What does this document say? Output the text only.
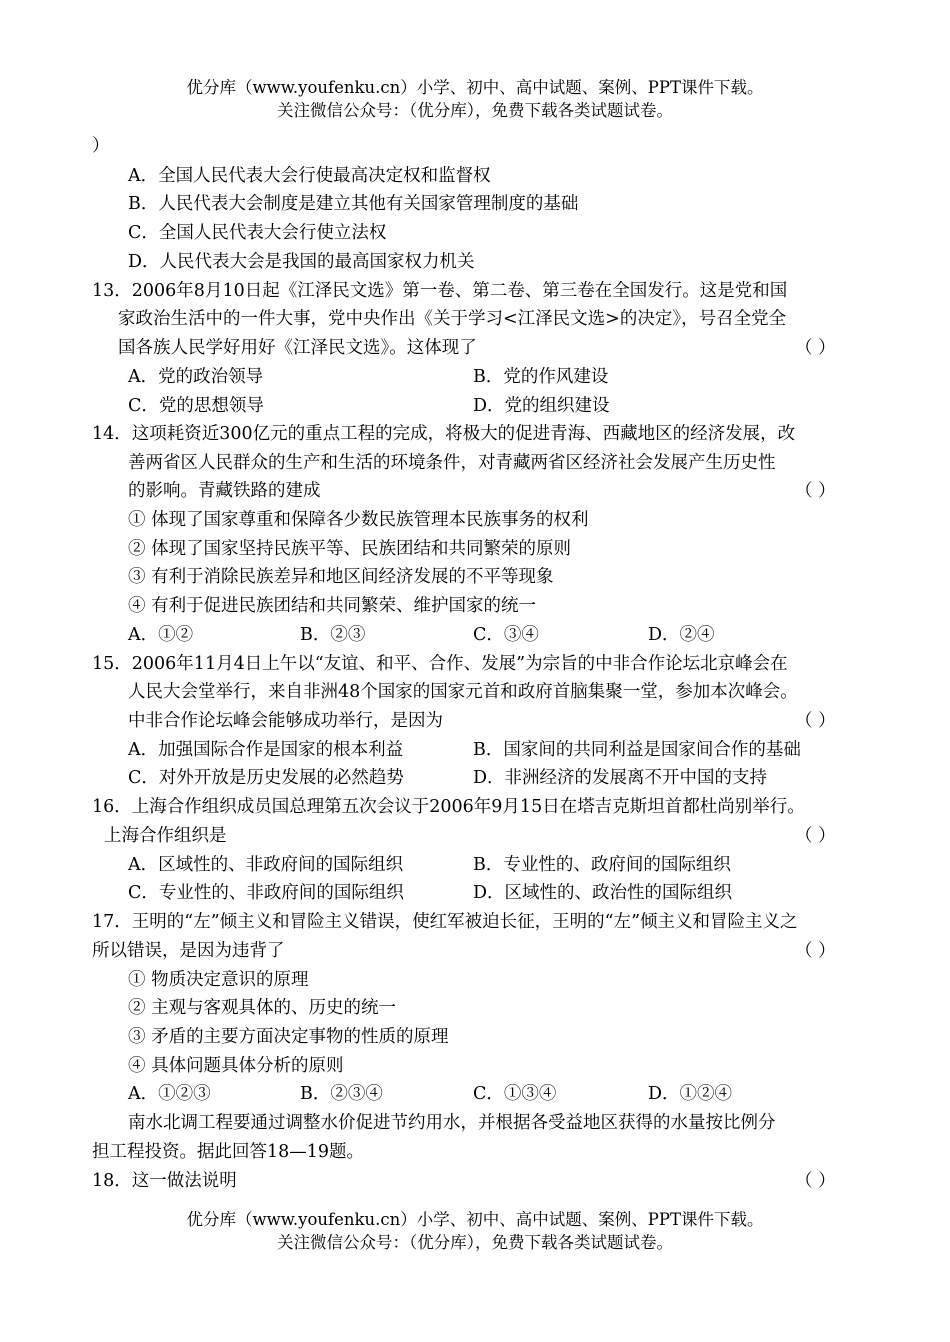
优分库（www.youfenku.cn）小学、初中、高中试题、案例、PPT课件下载。
关注微信公众号：（优分库），免费下载各类试题试卷。
）
A．全国人民代表大会行使最高决定权和监督权
B．人民代表大会制度是建立其他有关国家管理制度的基础
C．全国人民代表大会行使立法权
D．人民代表大会是我国的最高国家权力机关
13．2006年8月10日起《江泽民文选》第一卷、第二卷、第三卷在全国发行。这是党和国
家政治生活中的一件大事，党中央作出《关于学习<江泽民文选>的决定》，号召全党全
国各族人民学好用好《江泽民文选》。这体现了	（ ）
A．党的政治领导	B．党的作风建设
C．党的思想领导	D．党的组织建设
14．这项耗资近300亿元的重点工程的完成，将极大的促进青海、西藏地区的经济发展，改
善两省区人民群众的生产和生活的环境条件，对青藏两省区经济社会发展产生历史性
的影响。青藏铁路的建成	（ ）
① 体现了国家尊重和保障各少数民族管理本民族事务的权利
② 体现了国家坚持民族平等、民族团结和共同繁荣的原则
③ 有利于消除民族差异和地区间经济发展的不平等现象
④ 有利于促进民族团结和共同繁荣、维护国家的统一
A．①②	B．②③	C．③④	D．②④
15．2006年11月4日上午以“友谊、和平、合作、发展”为宗旨的中非合作论坛北京峰会在
人民大会堂举行，来自非洲48个国家的国家元首和政府首脑集聚一堂，参加本次峰会。
中非合作论坛峰会能够成功举行，是因为	（ ）
A．加强国际合作是国家的根本利益	B．国家间的共同利益是国家间合作的基础
C．对外开放是历史发展的必然趋势	D．非洲经济的发展离不开中国的支持
16．上海合作组织成员国总理第五次会议于2006年9月15日在塔吉克斯坦首都杜尚别举行。
上海合作组织是	（ ）
A．区域性的、非政府间的国际组织	B．专业性的、政府间的国际组织
C．专业性的、非政府间的国际组织	D．区域性的、政治性的国际组织
17．王明的“左”倾主义和冒险主义错误，使红军被迫长征，王明的“左”倾主义和冒险主义之
所以错误，是因为违背了	（ ）
① 物质决定意识的原理
② 主观与客观具体的、历史的统一
③ 矛盾的主要方面决定事物的性质的原理
④ 具体问题具体分析的原则
A．①②③	B．②③④	C．①③④	D．①②④
南水北调工程要通过调整水价促进节约用水，并根据各受益地区获得的水量按比例分
担工程投资。据此回答18—19题。
18．这一做法说明	（ ）
优分库（www.youfenku.cn）小学、初中、高中试题、案例、PPT课件下载。
关注微信公众号：（优分库），免费下载各类试题试卷。
